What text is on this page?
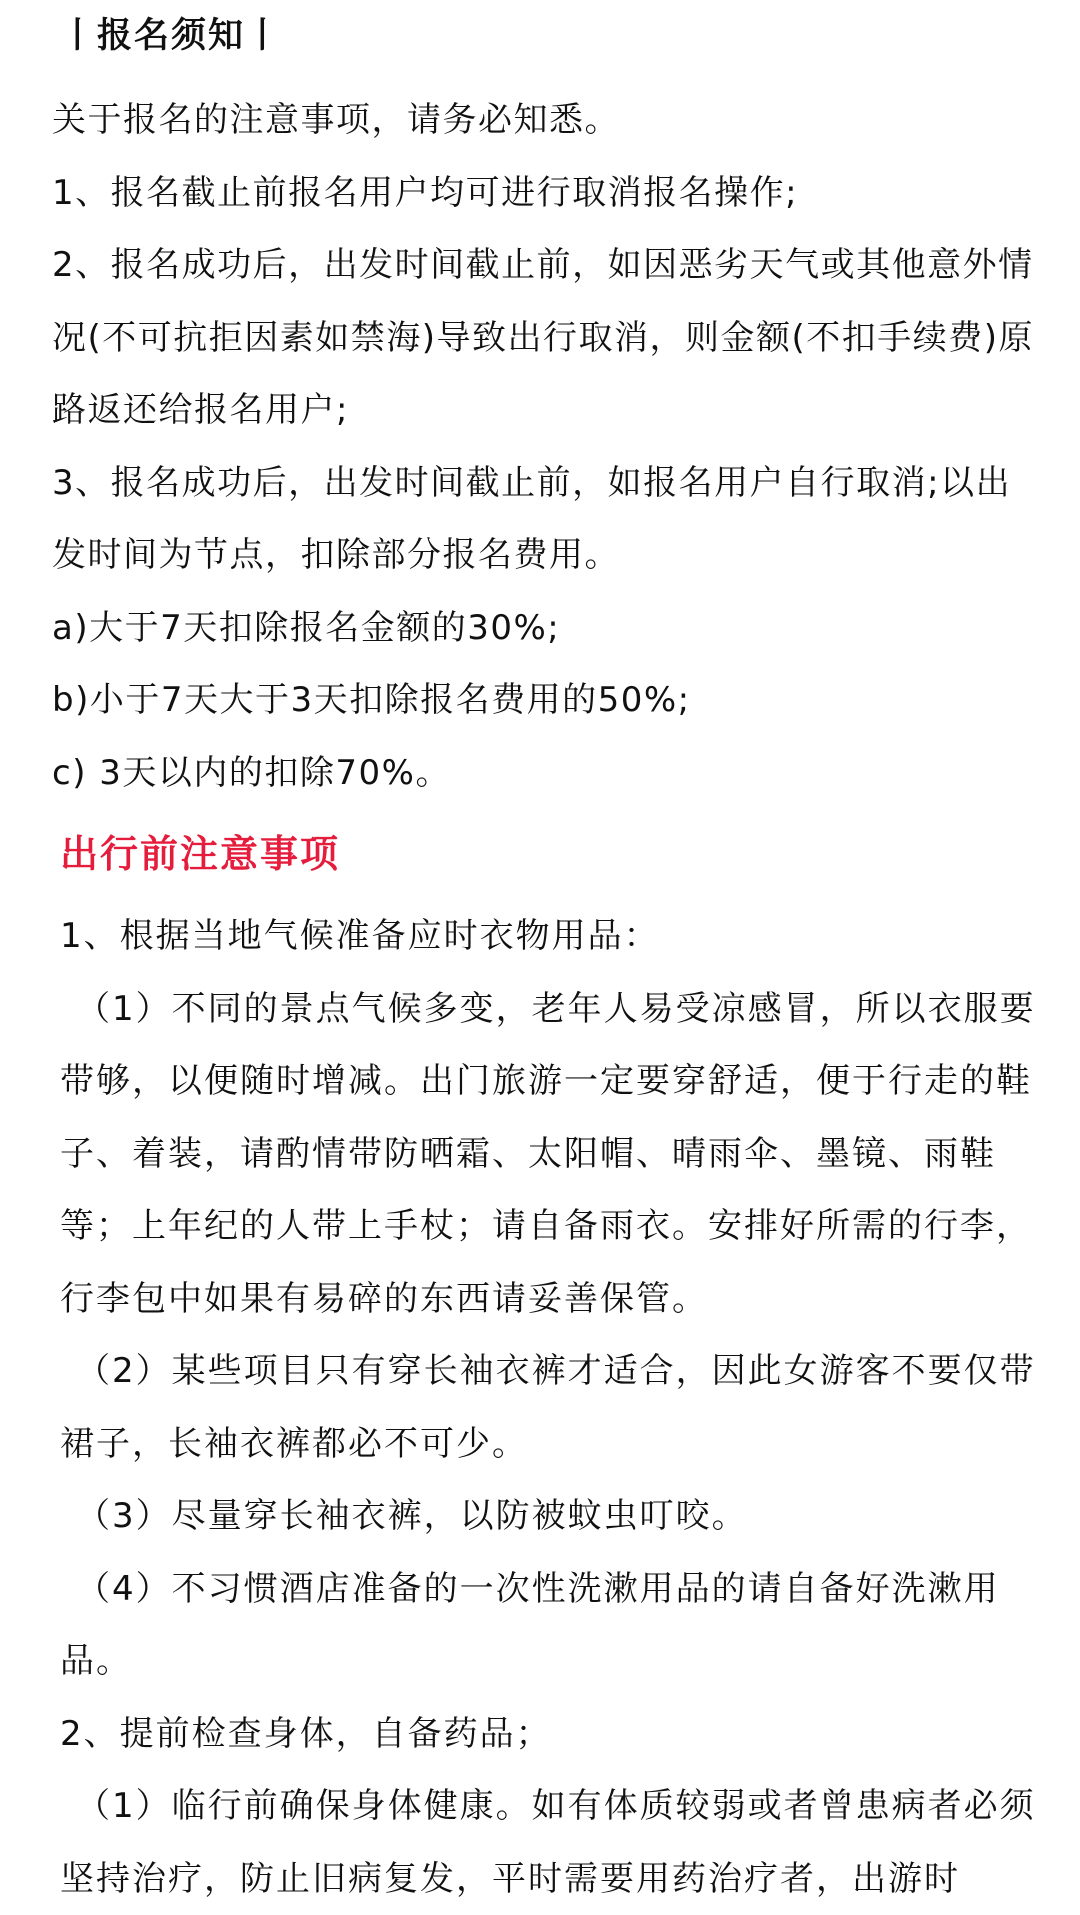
丨报名须知丨

关于报名的注意事项，请务必知悉。

1、报名截止前报名用户均可进行取消报名操作;

2、报名成功后，出发时间截止前，如因恶劣天气或其他意外情况(不可抗拒因素如禁海)导致出行取消，则金额(不扣手续费)原路返还给报名用户;

3、报名成功后，出发时间截止前，如报名用户自行取消;以出发时间为节点，扣除部分报名费用。

a)大于7天扣除报名金额的30%;

b)小于7天大于3天扣除报名费用的50%;

c) 3天以内的扣除70%。

出行前注意事项

1、根据当地气候准备应时衣物用品：

（1）不同的景点气候多变，老年人易受凉感冒，所以衣服要带够，以便随时增减。出门旅游一定要穿舒适，便于行走的鞋子、着装，请酌情带防晒霜、太阳帽、晴雨伞、墨镜、雨鞋等；上年纪的人带上手杖；请自备雨衣。安排好所需的行李，行李包中如果有易碎的东西请妥善保管。

（2）某些项目只有穿长袖衣裤才适合，因此女游客不要仅带裙子，长袖衣裤都必不可少。

（3）尽量穿长袖衣裤，以防被蚊虫叮咬。

（4）不习惯酒店准备的一次性洗漱用品的请自备好洗漱用品。

2、提前检查身体，自备药品；

（1）临行前确保身体健康。如有体质较弱或者曾患病者必须坚持治疗，防止旧病复发，平时需要用药治疗者，出游时
